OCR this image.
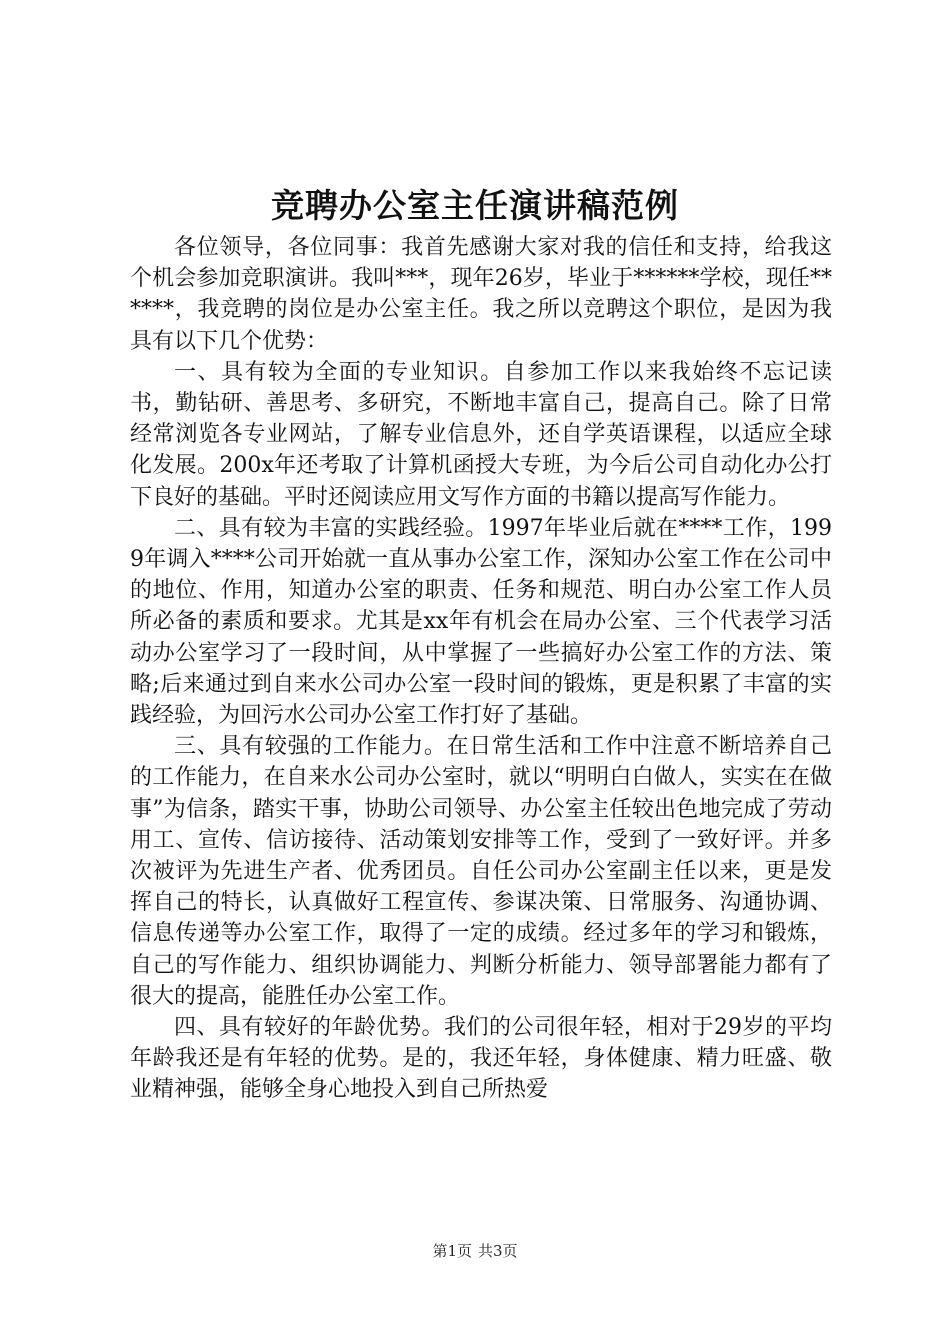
竞聘办公室主任演讲稿范例

各位领导，各位同事：我首先感谢大家对我的信任和支持，给我这个机会参加竞职演讲。我叫***，现年26岁，毕业于******学校，现任******，我竞聘的岗位是办公室主任。我之所以竞聘这个职位，是因为我具有以下几个优势：

一、具有较为全面的专业知识。自参加工作以来我始终不忘记读书，勤钻研、善思考、多研究，不断地丰富自己，提高自己。除了日常经常浏览各专业网站，了解专业信息外，还自学英语课程，以适应全球化发展。200x年还考取了计算机函授大专班，为今后公司自动化办公打下良好的基础。平时还阅读应用文写作方面的书籍以提高写作能力。

二、具有较为丰富的实践经验。1997年毕业后就在****工作，1999年调入****公司开始就一直从事办公室工作，深知办公室工作在公司中的地位、作用，知道办公室的职责、任务和规范、明白办公室工作人员所必备的素质和要求。尤其是xx年有机会在局办公室、三个代表学习活动办公室学习了一段时间，从中掌握了一些搞好办公室工作的方法、策略;后来通过到自来水公司办公室一段时间的锻炼，更是积累了丰富的实践经验，为回污水公司办公室工作打好了基础。

三、具有较强的工作能力。在日常生活和工作中注意不断培养自己的工作能力，在自来水公司办公室时，就以“明明白白做人，实实在在做事”为信条，踏实干事，协助公司领导、办公室主任较出色地完成了劳动用工、宣传、信访接待、活动策划安排等工作，受到了一致好评。并多次被评为先进生产者、优秀团员。自任公司办公室副主任以来，更是发挥自己的特长，认真做好工程宣传、参谋决策、日常服务、沟通协调、信息传递等办公室工作，取得了一定的成绩。经过多年的学习和锻炼，自己的写作能力、组织协调能力、判断分析能力、领导部署能力都有了很大的提高，能胜任办公室工作。

四、具有较好的年龄优势。我们的公司很年轻，相对于29岁的平均年龄我还是有年轻的优势。是的，我还年轻，身体健康、精力旺盛、敬业精神强，能够全身心地投入到自己所热爱

第1页 共3页
